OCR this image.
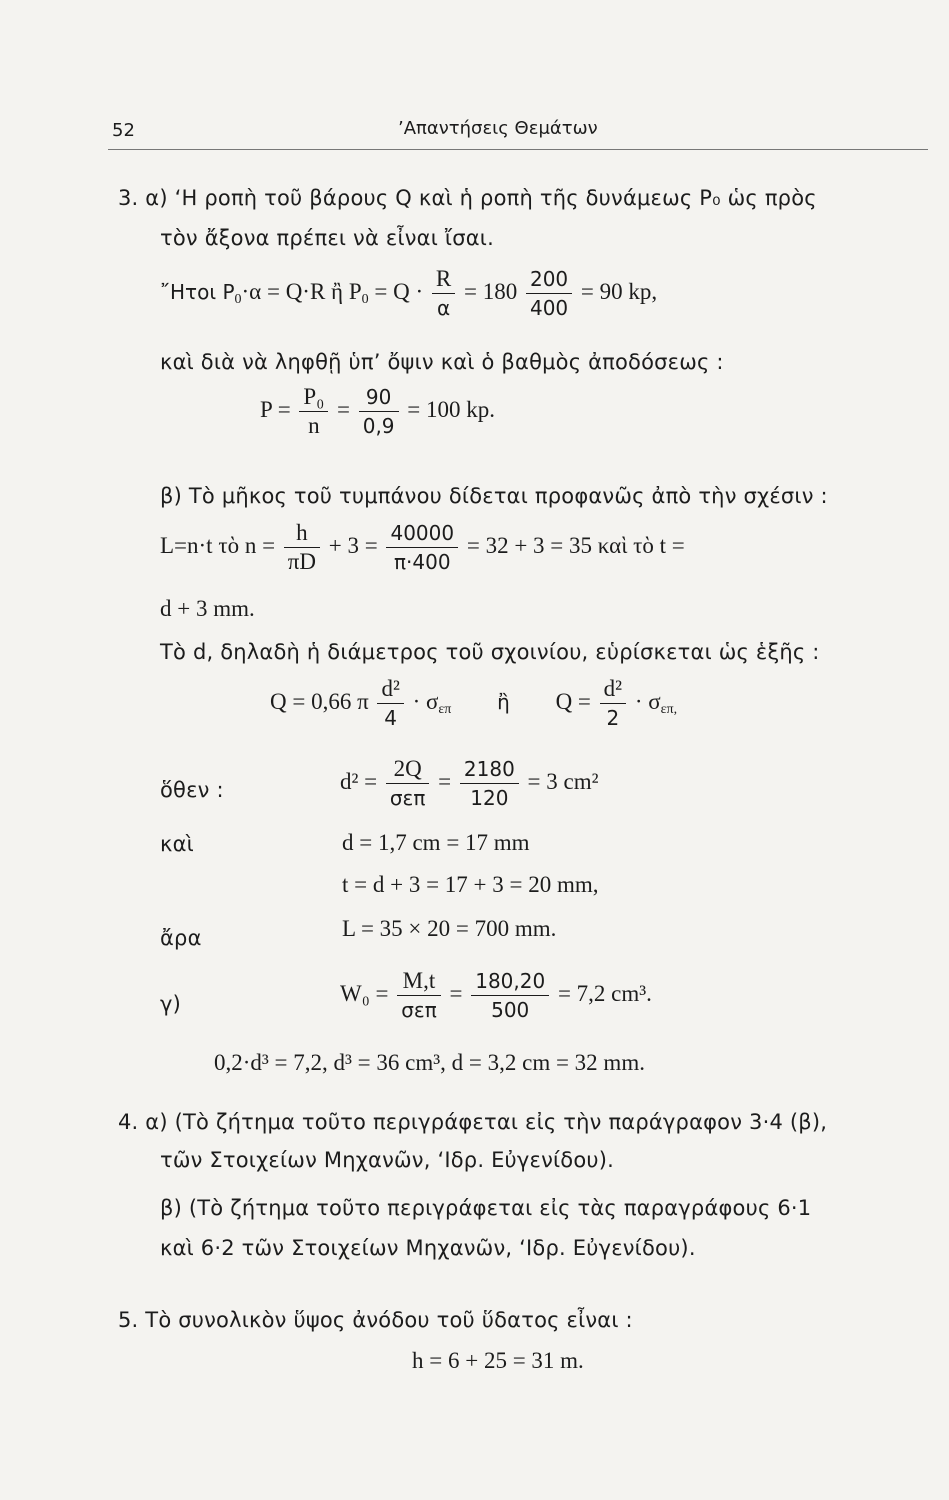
52	’Απαντήσεις Θεμάτων
3. α) ‘Η ροπὴ τοῦ βάρους Q καὶ ἡ ροπὴ τῆς δυνάμεως P₀ ὡς πρὸς
τὸν ἄξονα πρέπει νὰ εἶναι ἴσαι.
῎Ητοι $P_0\cdot\alpha = Q\cdot R$ ἢ $P_0 = Q \cdot \frac{R}{\alpha} = 180 \frac{200}{400} = 90$ kp,
καὶ διὰ νὰ ληφθῇ ὑπ’ ὄψιν καὶ ὁ βαθμὸς ἀποδόσεως :
$P = \frac{\text{P₀}}{n} = \frac{90}{0,9} = 100$ kp.
β) Τὸ μῆκος τοῦ τυμπάνου δίδεται προφανῶς ἀπὸ τὴν σχέσιν :
L=n·t τὸ $n = \frac{h}{\pi D} + 3 = \frac{40000}{\pi\cdot 400} = 32 + 3 = 35$ καὶ τὸ t =
d + 3 mm.
Τὸ d, δηλαδὴ ἡ διάμετρος τοῦ σχοινίου, εὑρίσκεται ὡς ἑξῆς :
Q = 0,66 π $\frac{\text{d²}}{4} \cdot \sigma_{\varepsilon\pi}$ ἢ $Q = \frac{\text{d²}}{2} \cdot \sigma_{\varepsilon\pi,}$
ὅθεν :	$d^2 = \frac{2Q}{\text{σεπ}} = \frac{2180}{120} = 3$ cm²
καὶ	d = 1,7 cm = 17 mm
t = d + 3 = 17 + 3 = 20 mm,
ἄρα	L = 35 × 20 = 700 mm.
γ)	$W_0 = \frac{M,t}{\text{σεπ}} = \frac{180,20}{500} = 7,2$ cm³.
0,2·d³ = 7,2, d³ = 36 cm³, d = 3,2 cm = 32 mm.
4. α) (Τὸ ζήτημα τοῦτο περιγράφεται εἰς τὴν παράγραφον 3·4 (β),
τῶν Στοιχείων Μηχανῶν, ‘Ιδρ. Εὐγενίδου).
β) (Τὸ ζήτημα τοῦτο περιγράφεται εἰς τὰς παραγράφους 6·1
καὶ 6·2 τῶν Στοιχείων Μηχανῶν, ‘Ιδρ. Εὐγενίδου).
5. Τὸ συνολικὸν ὕψος ἀνόδου τοῦ ὕδατος εἶναι :
h = 6 + 25 = 31 m.
